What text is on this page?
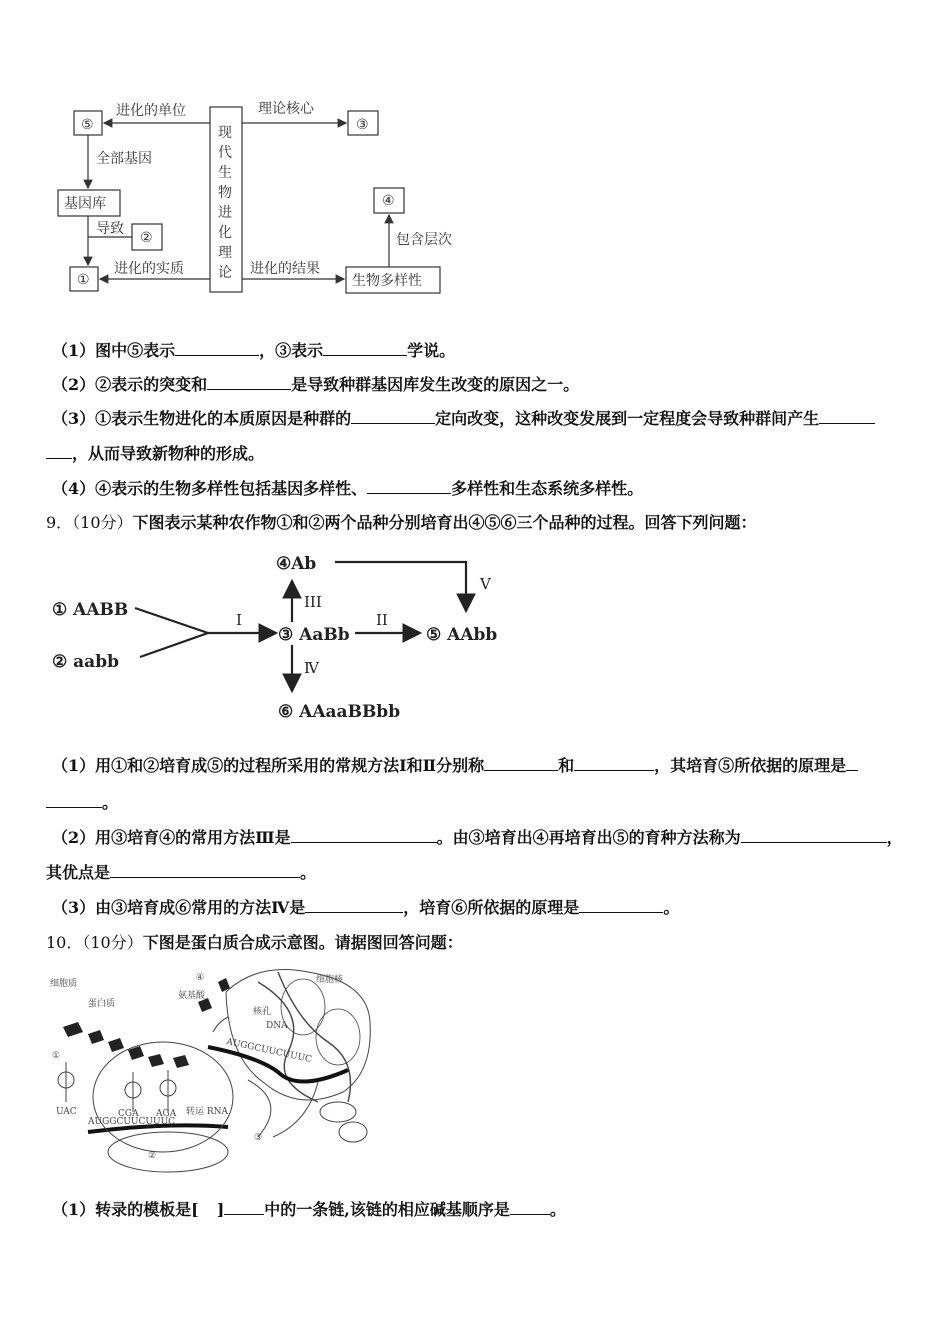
现
代
生
物
进
化
理
论
⑤	③
基因库
②
①
④
生物多样性
进化的单位	理论核心
全部基因
导致
进化的实质	进化的结果
包含层次
（1）图中⑤表示	，③表示	学说。
（2）②表示的突变和	是导致种群基因库发生改变的原因之一。
（3）①表示生物进化的本质原因是种群的	定向改变，这种改变发展到一定程度会导致种群间产生
，从而导致新物种的形成。
（4）④表示的生物多样性包括基因多样性、	多样性和生态系统多样性。
9．（10分）下图表示某种农作物①和②两个品种分别培育出④⑤⑥三个品种的过程。回答下列问题：
① AABB
② aabb
③ AaBb
④Ab
⑤ AAbb
⑥ AAaaBBbb
I	II
III
Ⅳ
V
（1）用①和②培育成⑤的过程所采用的常规方法Ⅰ和Ⅱ分别称	和	，其培育⑤所依据的原理是
。
（2）用③培育④的常用方法Ⅲ是	。由③培育出④再培育出⑤的育种方法称为	，
其优点是	。
（3）由③培育成⑥常用的方法Ⅳ是	，培育⑥所依据的原理是	。
10．（10分）下图是蛋白质合成示意图。请据图回答问题：
细胞质
蛋白质
氨基酸
细胞核
核孔
DNA
转运 RNA
①
②
③
④
AUGGCUUCUUUC
AUGGCUUCUUUC
UAC	CGA AGA
（1）转录的模板是[ ]	中的一条链,该链的相应碱基顺序是	。
